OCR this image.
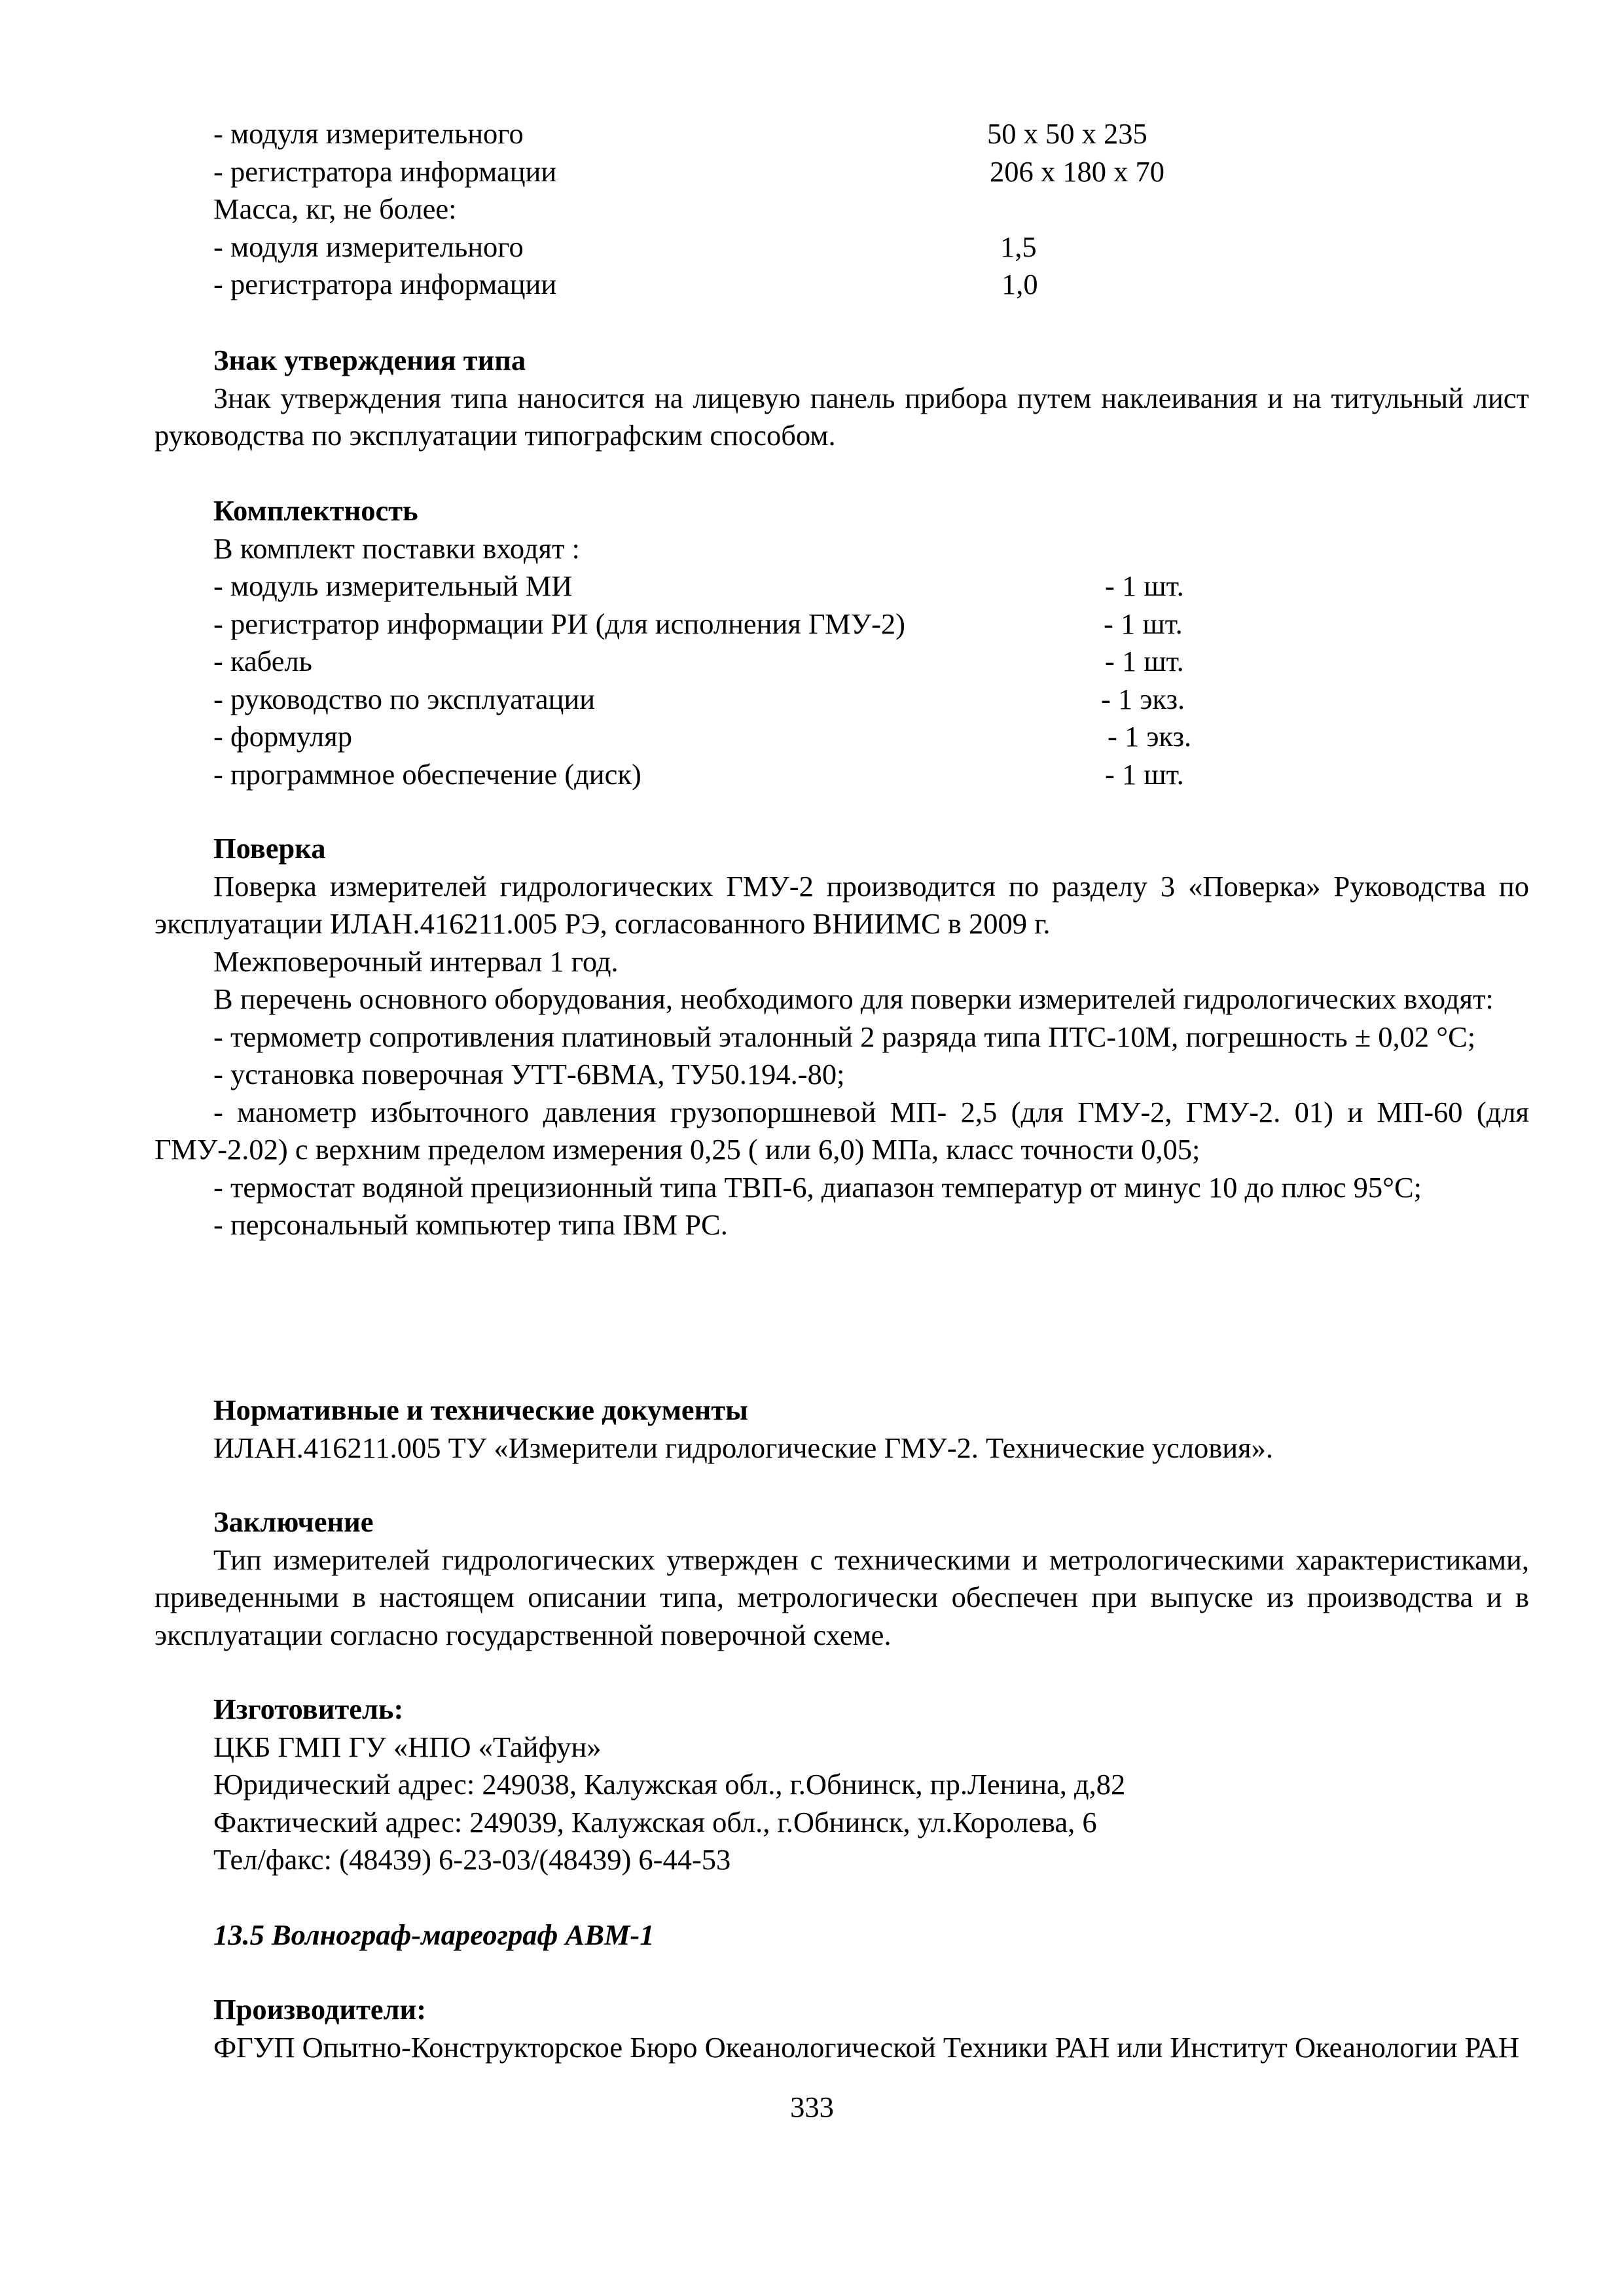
- модуля измерительного	50 х 50 х 235
- регистратора информации	206 х 180 х 70
Масса, кг, не более:
- модуля измерительного	1,5
- регистратора информации	1,0
Знак утверждения типа
Знак утверждения типа наносится на лицевую панель прибора путем наклеивания и на титульный лист руководства по эксплуатации типографским способом.
Комплектность
В комплект поставки входят :
- модуль измерительный МИ	- 1 шт.
- регистратор информации РИ (для исполнения ГМУ-2)	- 1 шт.
- кабель	- 1 шт.
- руководство по эксплуатации	- 1 экз.
- формуляр	- 1 экз.
- программное обеспечение (диск)	- 1 шт.
Поверка
Поверка измерителей гидрологических ГМУ-2 производится по разделу 3 «Поверка» Руководства по эксплуатации ИЛАН.416211.005 РЭ, согласованного ВНИИМС в 2009 г.
Межповерочный интервал 1 год.
В перечень основного оборудования, необходимого для поверки измерителей гидрологических входят:
- термометр сопротивления платиновый эталонный 2 разряда типа ПТС-10М, погрешность ± 0,02 °С;
- установка поверочная УТТ-6ВМА, ТУ50.194.-80;
- манометр избыточного давления грузопоршневой МП- 2,5 (для ГМУ-2, ГМУ-2. 01) и МП-60 (для ГМУ-2.02) с верхним пределом измерения 0,25 ( или 6,0) МПа, класс точности 0,05;
- термостат водяной прецизионный типа ТВП-6, диапазон температур от минус 10 до плюс 95°С;
- персональный компьютер типа IBM PC.
Нормативные и технические документы
ИЛАН.416211.005 ТУ «Измерители гидрологические ГМУ-2. Технические условия».
Заключение
Тип измерителей гидрологических утвержден с техническими и метрологическими характеристиками, приведенными в настоящем описании типа, метрологически обеспечен при выпуске из производства и в эксплуатации согласно государственной поверочной схеме.
Изготовитель:
ЦКБ ГМП ГУ «НПО «Тайфун»
Юридический адрес: 249038, Калужская обл., г.Обнинск, пр.Ленина, д,82
Фактический адрес: 249039, Калужская обл., г.Обнинск, ул.Королева, 6
Тел/факс: (48439) 6-23-03/(48439) 6-44-53
13.5 Волнограф-мареограф АВМ-1
Производители:
ФГУП Опытно-Конструкторское Бюро Океанологической Техники РАН или Институт Океанологии РАН
333
